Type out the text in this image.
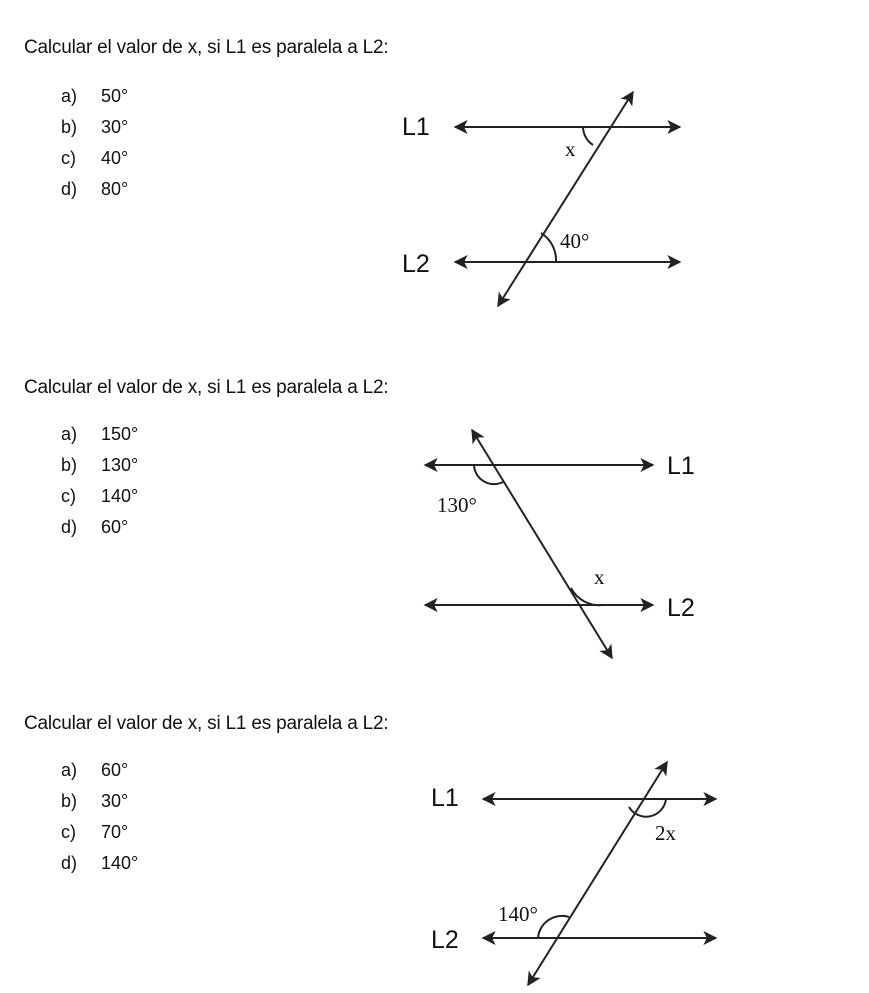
Calcular el valor de x, si L1 es paralela a L2:

a) 50°
b) 30°
c) 40°
d) 80°
L1
L2
x
40°

Calcular el valor de x, si L1 es paralela a L2:

a) 150°
b) 130°
c) 140°
d) 60°
L1
L2
130°
x

Calcular el valor de x, si L1 es paralela a L2:

a) 60°
b) 30°
c) 70°
d) 140°
L1
L2
2x
140°
